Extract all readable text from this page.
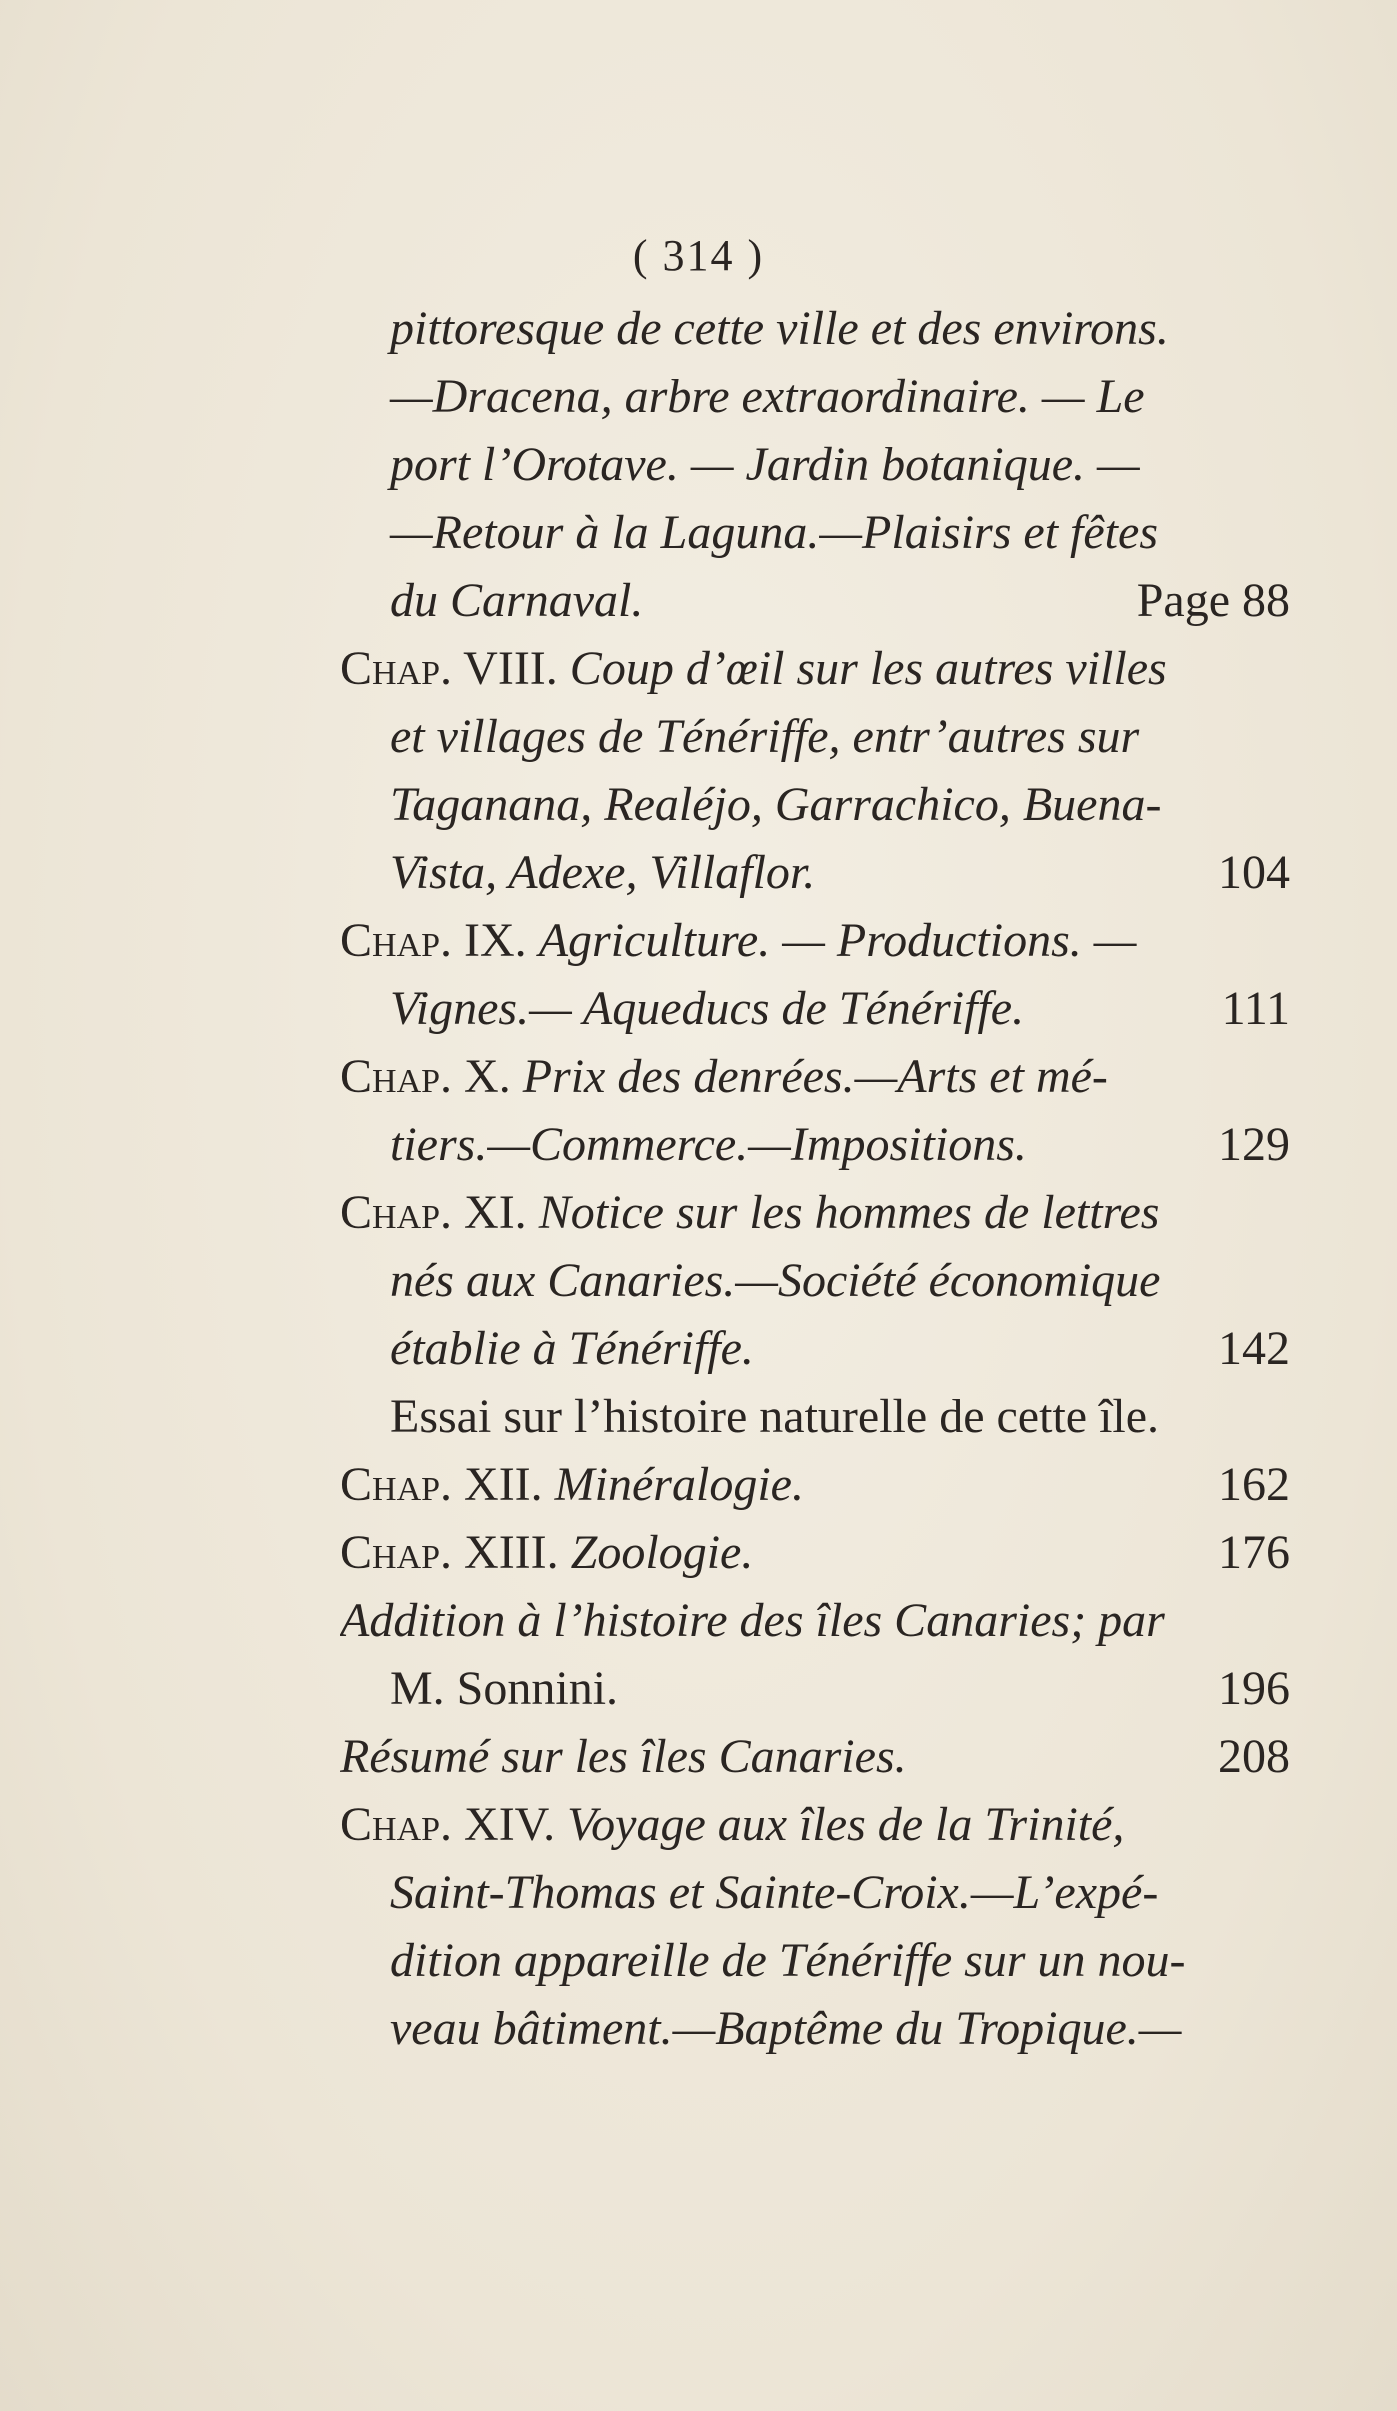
( 314 )
pittoresque de cette ville et des environs.
—Dracena, arbre extraordinaire. — Le
port l’Orotave. — Jardin botanique. —
—Retour à la Laguna.—Plaisirs et fêtes
du Carnaval.	Page 88
Chap. VIII. Coup d’œil sur les autres villes
et villages de Ténériffe, entr’autres sur
Taganana, Realéjo, Garrachico, Buena-
Vista, Adexe, Villaflor.	104
Chap. IX. Agriculture. — Productions. —
Vignes.— Aqueducs de Ténériffe.	111
Chap. X. Prix des denrées.—Arts et mé-
tiers.—Commerce.—Impositions.	129
Chap. XI. Notice sur les hommes de lettres
nés aux Canaries.—Société économique
établie à Ténériffe.	142
Essai sur l’histoire naturelle de cette île.
Chap. XII. Minéralogie.	162
Chap. XIII. Zoologie.	176
Addition à l’histoire des îles Canaries; par
M. Sonnini.	196
Résumé sur les îles Canaries.	208
Chap. XIV. Voyage aux îles de la Trinité,
Saint-Thomas et Sainte-Croix.—L’expé-
dition appareille de Ténériffe sur un nou-
veau bâtiment.—Baptême du Tropique.—
